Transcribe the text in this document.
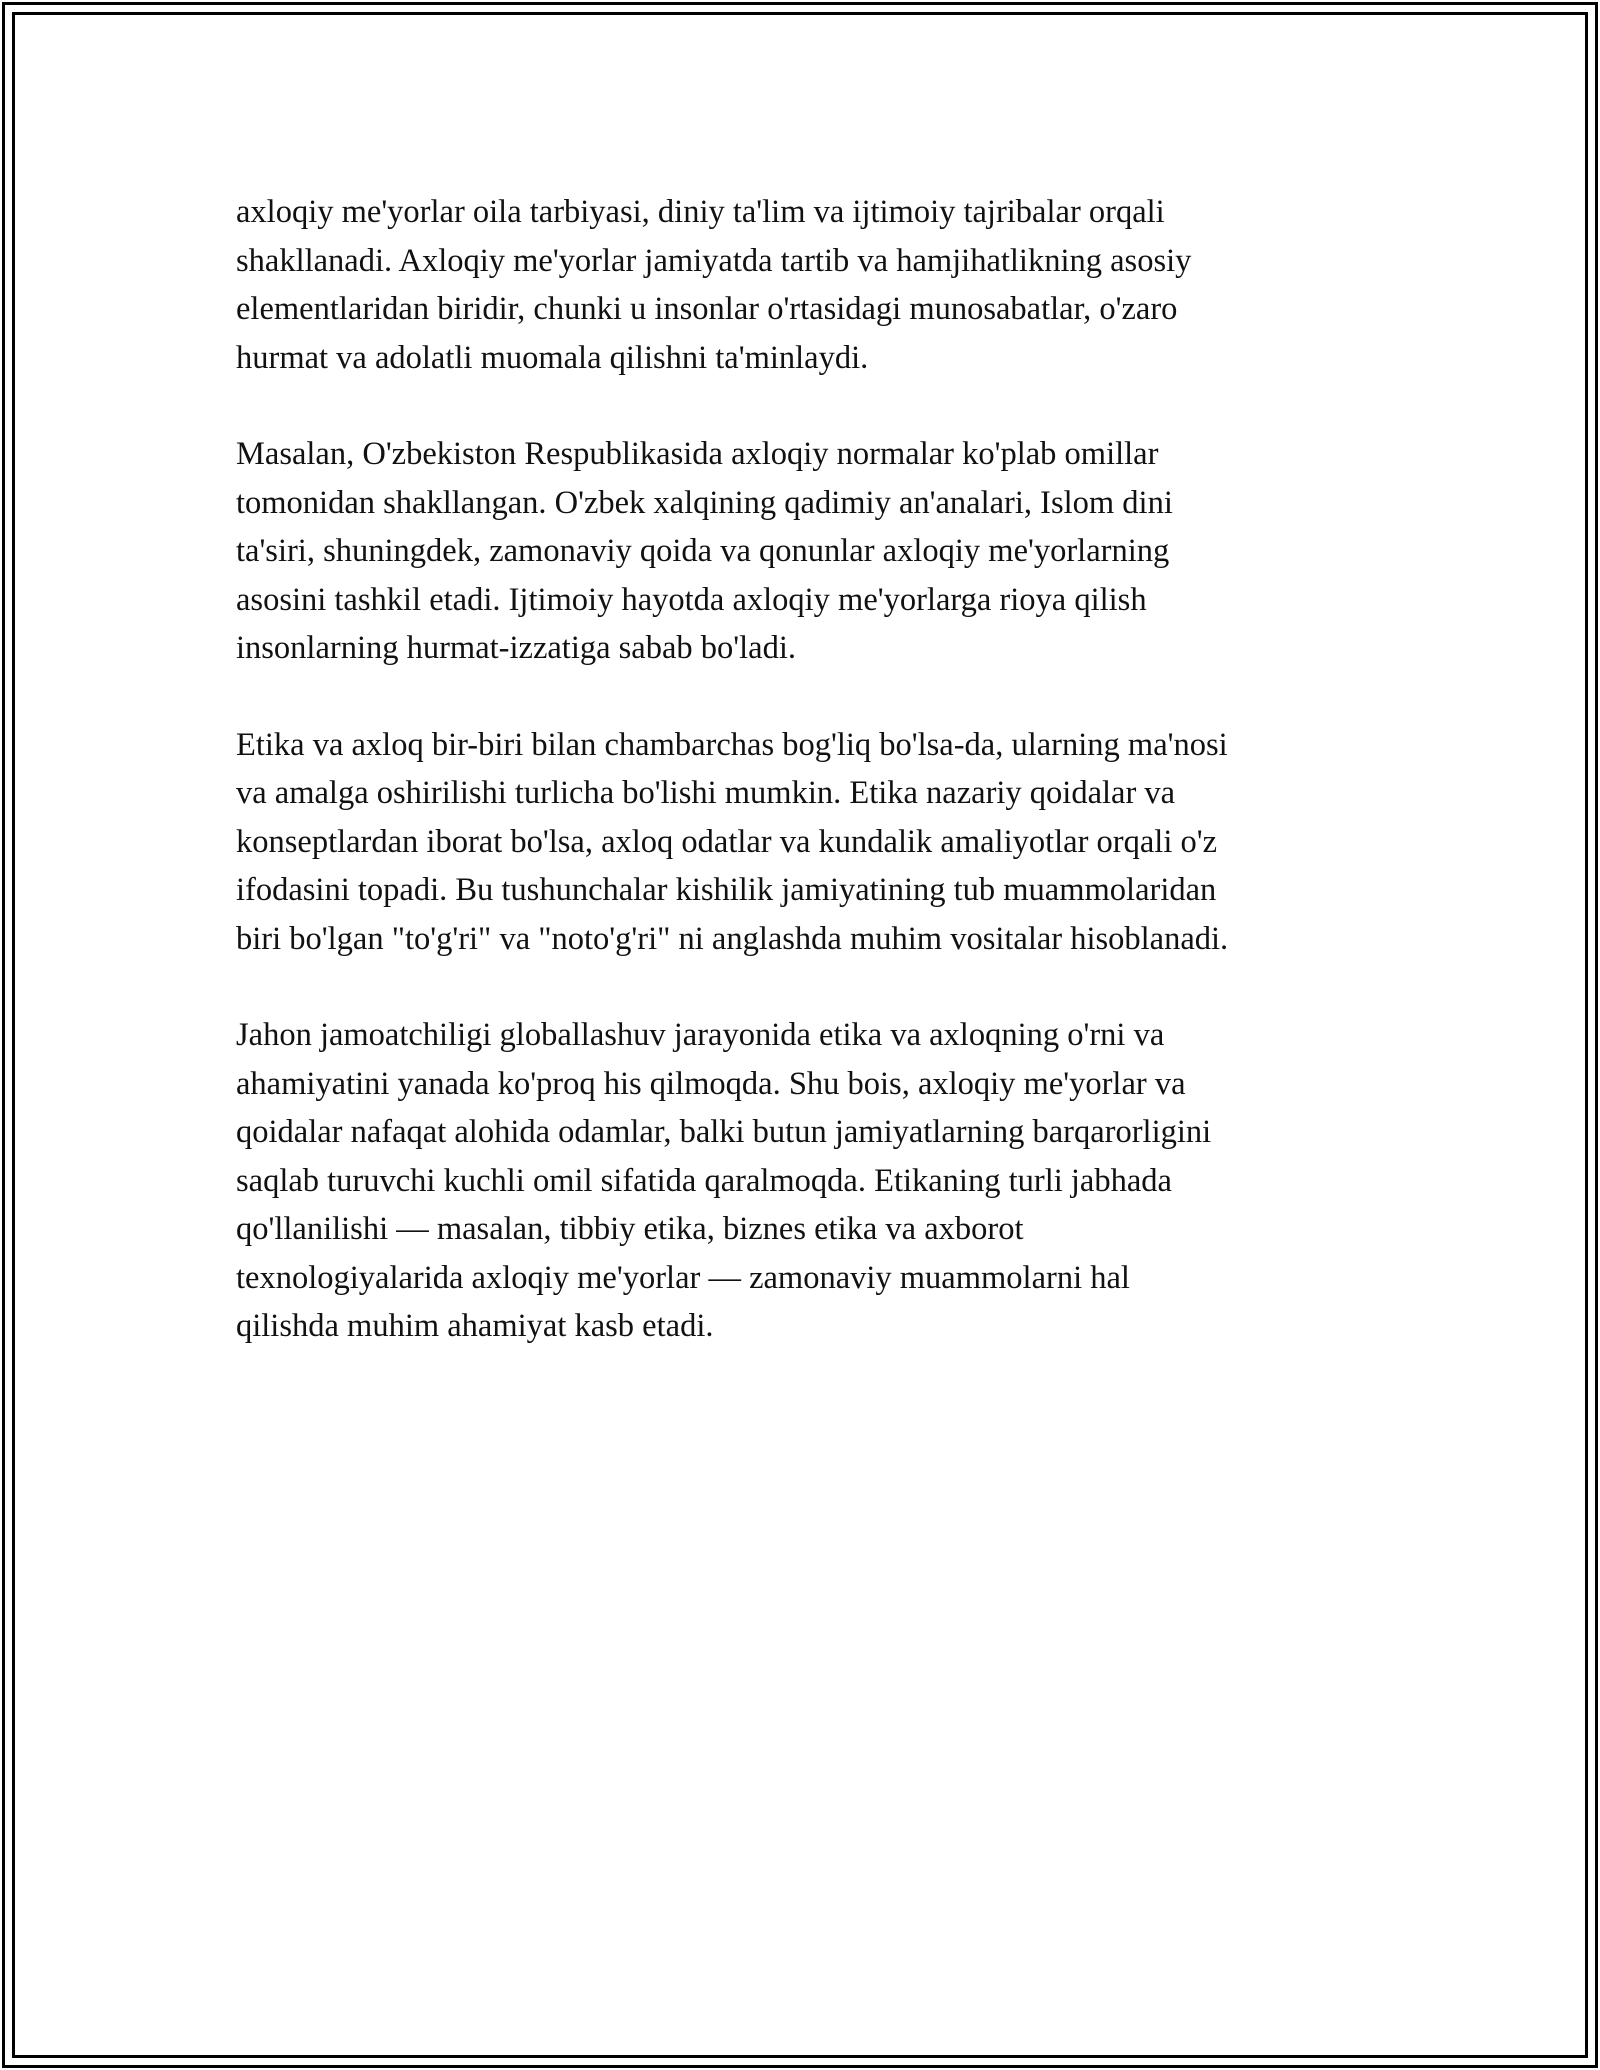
axloqiy me'yorlar oila tarbiyasi, diniy ta'lim va ijtimoiy tajribalar orqali
shakllanadi. Axloqiy me'yorlar jamiyatda tartib va hamjihatlikning asosiy
elementlaridan biridir, chunki u insonlar o'rtasidagi munosabatlar, o'zaro
hurmat va adolatli muomala qilishni ta'minlaydi.

Masalan, O'zbekiston Respublikasida axloqiy normalar ko'plab omillar
tomonidan shakllangan. O'zbek xalqining qadimiy an'analari, Islom dini
ta'siri, shuningdek, zamonaviy qoida va qonunlar axloqiy me'yorlarning
asosini tashkil etadi. Ijtimoiy hayotda axloqiy me'yorlarga rioya qilish
insonlarning hurmat-izzatiga sabab bo'ladi.

Etika va axloq bir-biri bilan chambarchas bog'liq bo'lsa-da, ularning ma'nosi
va amalga oshirilishi turlicha bo'lishi mumkin. Etika nazariy qoidalar va
konseptlardan iborat bo'lsa, axloq odatlar va kundalik amaliyotlar orqali o'z
ifodasini topadi. Bu tushunchalar kishilik jamiyatining tub muammolaridan
biri bo'lgan "to'g'ri" va "noto'g'ri" ni anglashda muhim vositalar hisoblanadi.

Jahon jamoatchiligi globallashuv jarayonida etika va axloqning o'rni va
ahamiyatini yanada ko'proq his qilmoqda. Shu bois, axloqiy me'yorlar va
qoidalar nafaqat alohida odamlar, balki butun jamiyatlarning barqarorligini
saqlab turuvchi kuchli omil sifatida qaralmoqda. Etikaning turli jabhada
qo'llanilishi — masalan, tibbiy etika, biznes etika va axborot
texnologiyalarida axloqiy me'yorlar — zamonaviy muammolarni hal
qilishda muhim ahamiyat kasb etadi.
